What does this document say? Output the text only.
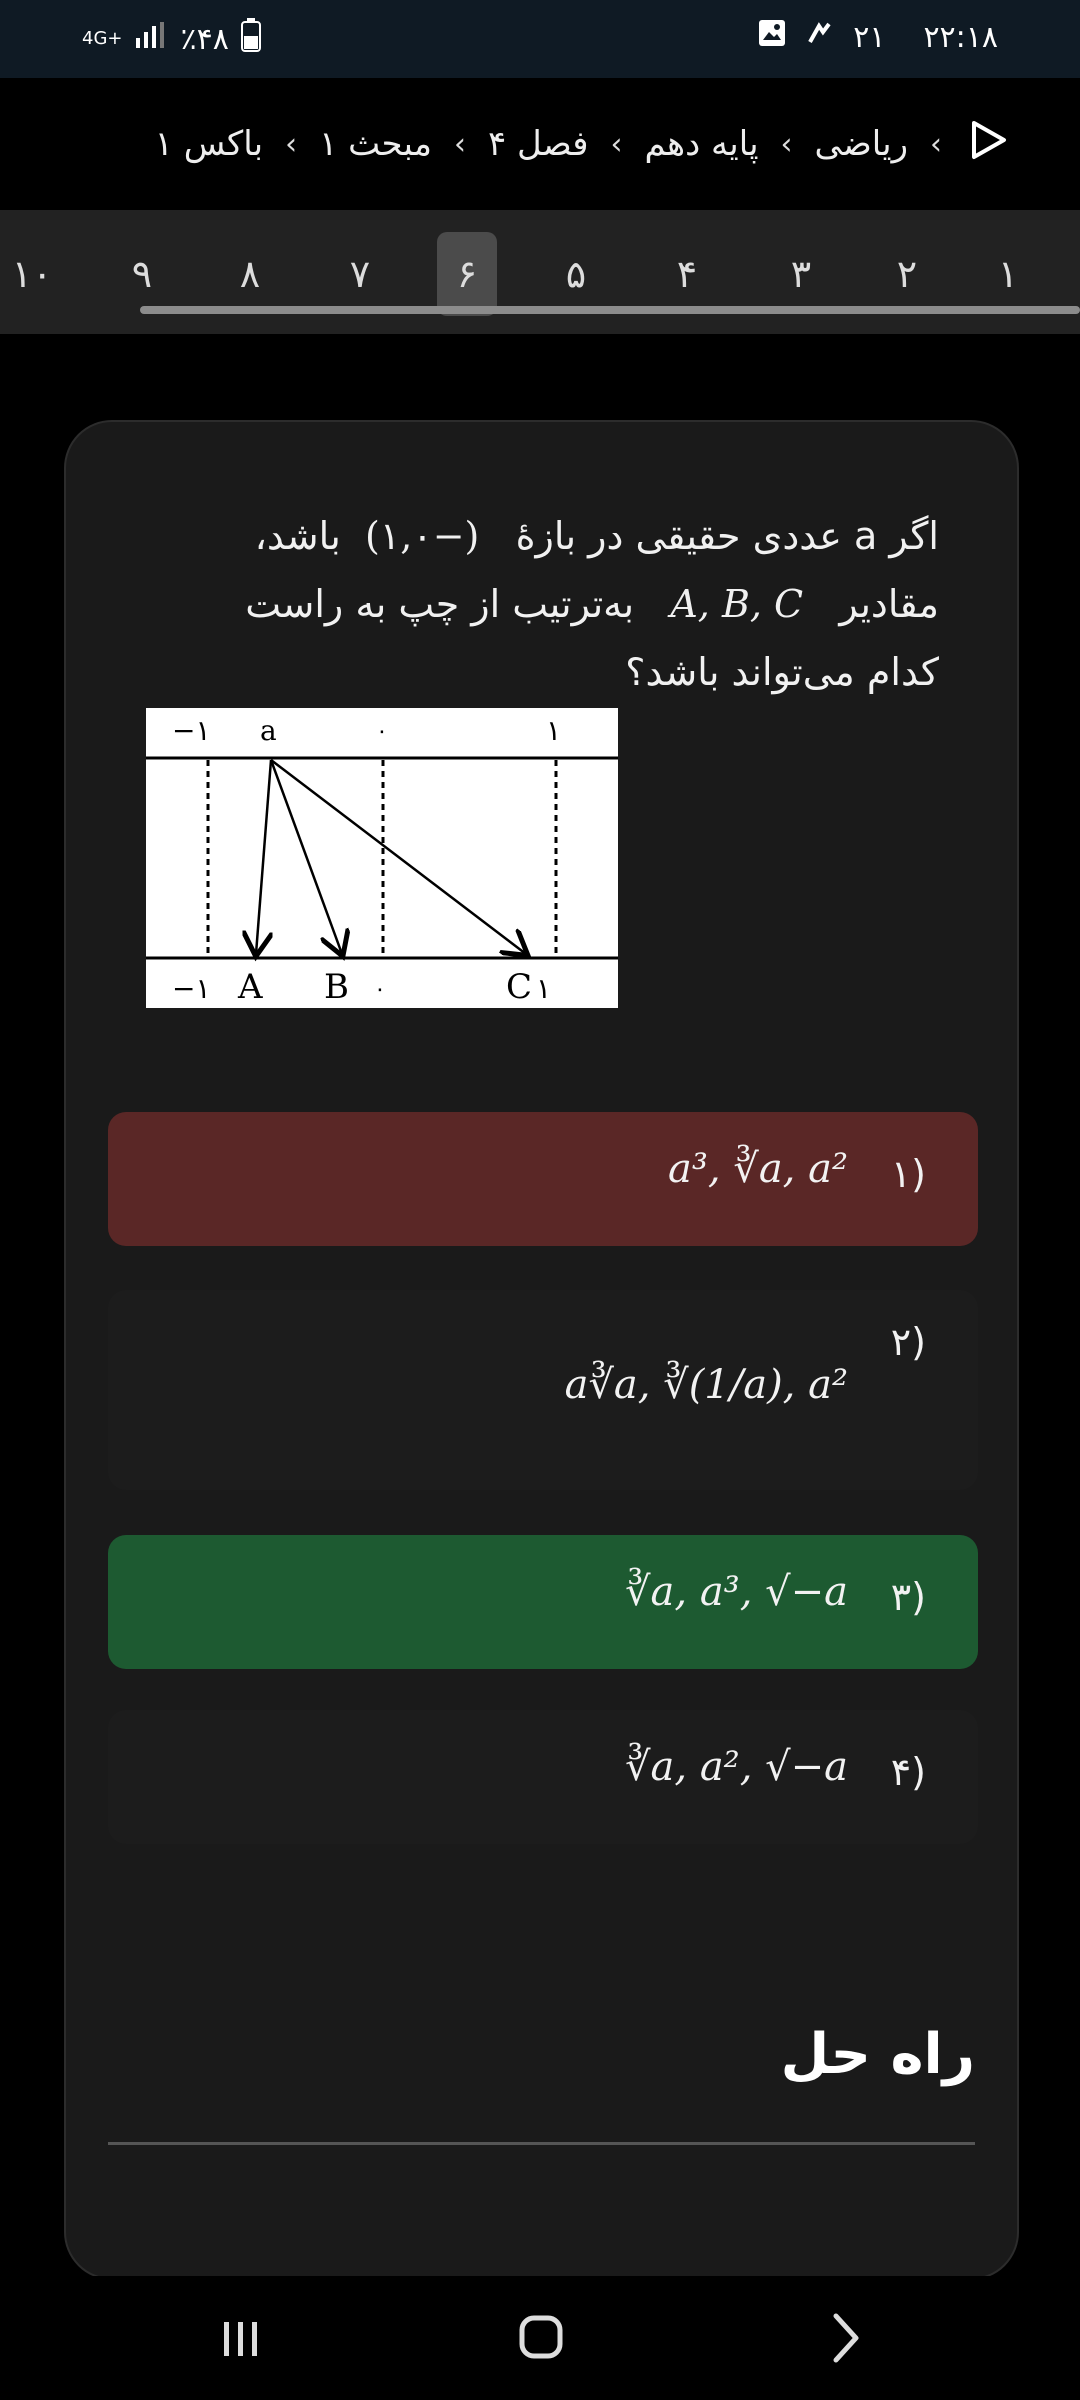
۲۱ ۲۲:۱۸
4G+ ٪۴۸
›
ریاضی
›
پایه دهم
›
فصل ۴
›
مبحث ۱
›
باکس ۱
۱
۲
۳
۴
۵
۶
۷
۸
۹
۱۰
اگر a عددی حقیقی در بازهٔ   (−۱,۰)  باشد،
مقادیر   A, B, C   به‌ترتیب از چپ به راست
کدام می‌تواند باشد؟
−۱ a	۰	۱
−۱ A B ۰	C ۱
(۱
a³, ∛a, a²
(۲
a∛a, ∛(1/a), a²
(۳
∛a, a³, √−a
(۴
∛a, a², √−a
راه حل
